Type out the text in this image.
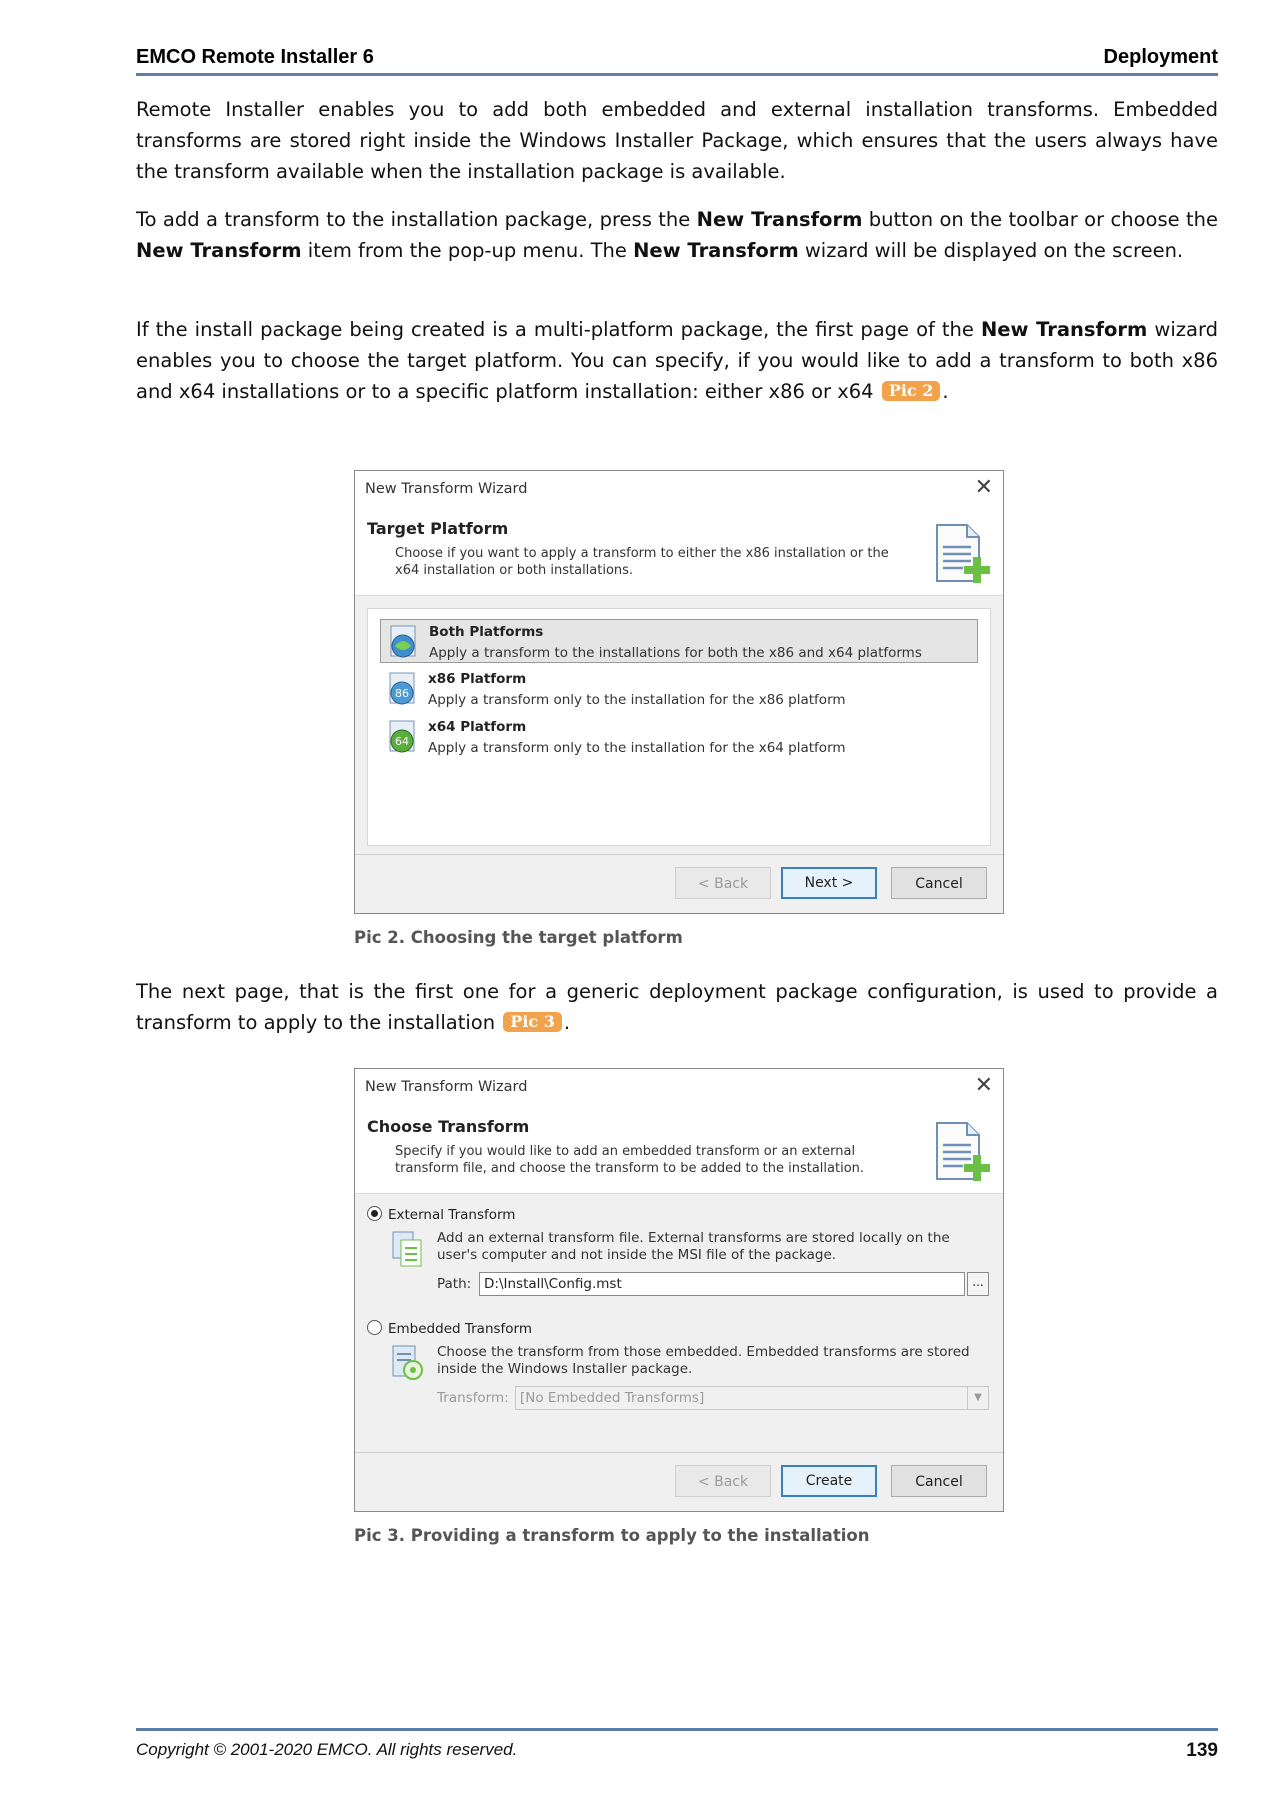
EMCO Remote Installer 6	Deployment

Remote Installer enables you to add both embedded and external installation transforms. Embedded transforms are stored right inside the Windows Installer Package, which ensures that the users always have the transform available when the installation package is available.

To add a transform to the installation package, press the New Transform button on the toolbar or choose the New Transform item from the pop-up menu. The New Transform wizard will be displayed on the screen.

If the install package being created is a multi-platform package, the first page of the New Transform wizard enables you to choose the target platform. You can specify, if you would like to add a transform to both x86 and x64 installations or to a specific platform installation: either x86 or x64 Pic 2 .

New Transform Wizard	✕
Target Platform
Choose if you want to apply a transform to either the x86 installation or the x64 installation or both installations.
Both Platforms
Apply a transform to the installations for both the x86 and x64 platforms
86
x86 Platform
Apply a transform only to the installation for the x86 platform
64
x64 Platform
Apply a transform only to the installation for the x64 platform
< Back	Next >	Cancel
Pic 2. Choosing the target platform

The next page, that is the first one for a generic deployment package configuration, is used to provide a transform to apply to the installation Pic 3 .

New Transform Wizard	✕
Choose Transform
Specify if you would like to add an embedded transform or an external transform file, and choose the transform to be added to the installation.
External Transform
Add an external transform file. External transforms are stored locally on the user's computer and not inside the MSI file of the package.
Path: D:\Install\Config.mst	...
Embedded Transform
Choose the transform from those embedded. Embedded transforms are stored inside the Windows Installer package.
Transform: [No Embedded Transforms]	▼
< Back	Create	Cancel
Pic 3. Providing a transform to apply to the installation
Copyright © 2001-2020 EMCO. All rights reserved.	139
